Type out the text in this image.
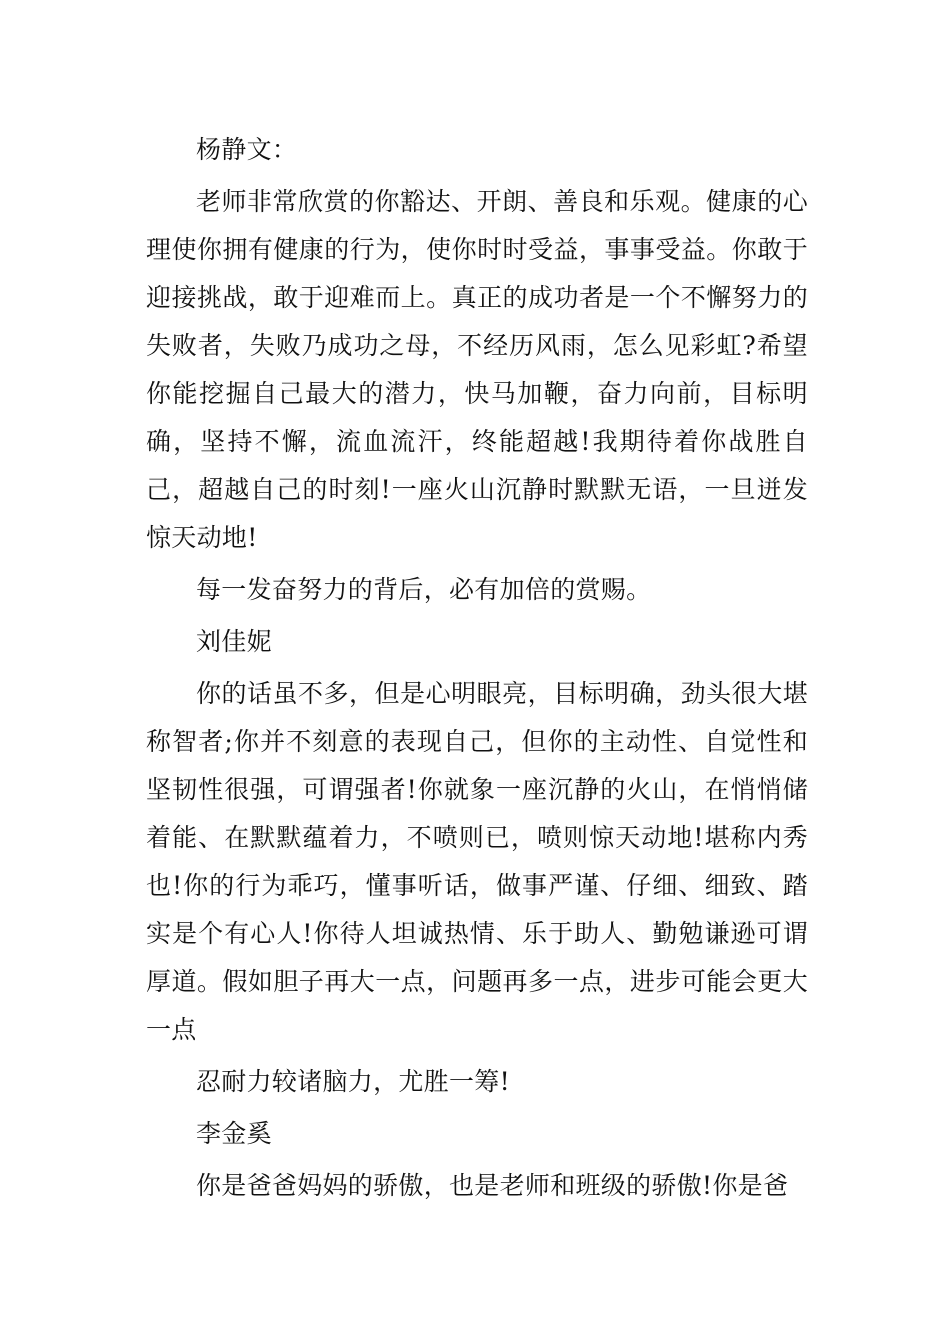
杨静文：

老师非常欣赏的你豁达、开朗、善良和乐观。健康的心理使你拥有健康的行为，使你时时受益，事事受益。你敢于迎接挑战，敢于迎难而上。真正的成功者是一个不懈努力的失败者，失败乃成功之母，不经历风雨，怎么见彩虹?希望你能挖掘自己最大的潜力，快马加鞭，奋力向前，目标明确，坚持不懈，流血流汗，终能超越!我期待着你战胜自己，超越自己的时刻!一座火山沉静时默默无语，一旦迸发惊天动地!

每一发奋努力的背后，必有加倍的赏赐。

刘佳妮

你的话虽不多，但是心明眼亮，目标明确，劲头很大堪称智者;你并不刻意的表现自己，但你的主动性、自觉性和坚韧性很强，可谓强者!你就象一座沉静的火山，在悄悄储着能、在默默蕴着力，不喷则已，喷则惊天动地!堪称内秀也!你的行为乖巧，懂事听话，做事严谨、仔细、细致、踏实是个有心人!你待人坦诚热情、乐于助人、勤勉谦逊可谓厚道。假如胆子再大一点，问题再多一点，进步可能会更大一点

忍耐力较诸脑力，尤胜一筹!

李金奚

你是爸爸妈妈的骄傲，也是老师和班级的骄傲!你是爸
